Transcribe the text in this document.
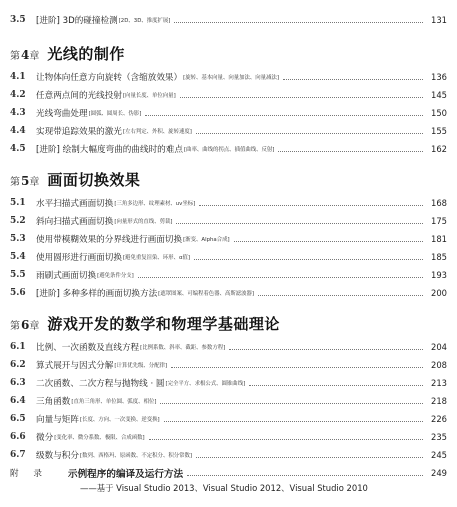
3.5	[进阶] 3D的碰撞检测 [2D、3D、推度扩展]	131
第 4 章 光线的制作
4.1	让物体向任意方向旋转（含缩放效果） [旋转、基本向量、向量加法、向量减法]	136
4.2	任意两点间的光线投射 [向量长度、单位向量]	145
4.3	光线弯曲处理 [圆弧、圆周长、伪影]	150
4.4	实现带追踪效果的激光 [左右判定、外积、旋转速度]	155
4.5	[进阶] 绘制大幅度弯曲的曲线时的难点 [曲率、曲线的拐点、插值曲线、反射]	162
第 5 章 画面切换效果
5.1	水平扫描式画面切换 [三角多边形、纹理素材、uv坐标]	168
5.2	斜向扫描式画面切换 [向量形式的直线、剪裁]	175
5.3	使用带模糊效果的分界线进行画面切换 [渐变、Alpha合成]	181
5.4	使用圆形进行画面切换 [避免重复渲染、环形、α值]	185
5.5	雨刷式画面切换 [避免条件分支]	193
5.6	[进阶] 多种多样的画面切换方法 [遮罩图案、可编程着色器、高斯滤波器]	200
第 6 章 游戏开发的数学和物理学基础理论
6.1	比例、一次函数及直线方程 [比例系数、斜率、截距、参数方程]	204
6.2	算式展开与因式分解 [计算优先级、分配律]	208
6.3	二次函数、二次方程与抛物线 · 圆 [完全平方、求根公式、圆锥曲线]	213
6.4	三角函数 [直角三角形、单位圆、弧度、相位]	218
6.5	向量与矩阵 [长度、方向、一次变换、逆变换]	226
6.6	微分 [变化率、微分系数、极限、合成函数]	235
6.7	级数与积分 [数列、西格玛、原函数、不定积分、积分常数]	245
附 录	示例程序的编译及运行方法	249
——基于 Visual Studio 2013、Visual Studio 2012、Visual Studio 2010
